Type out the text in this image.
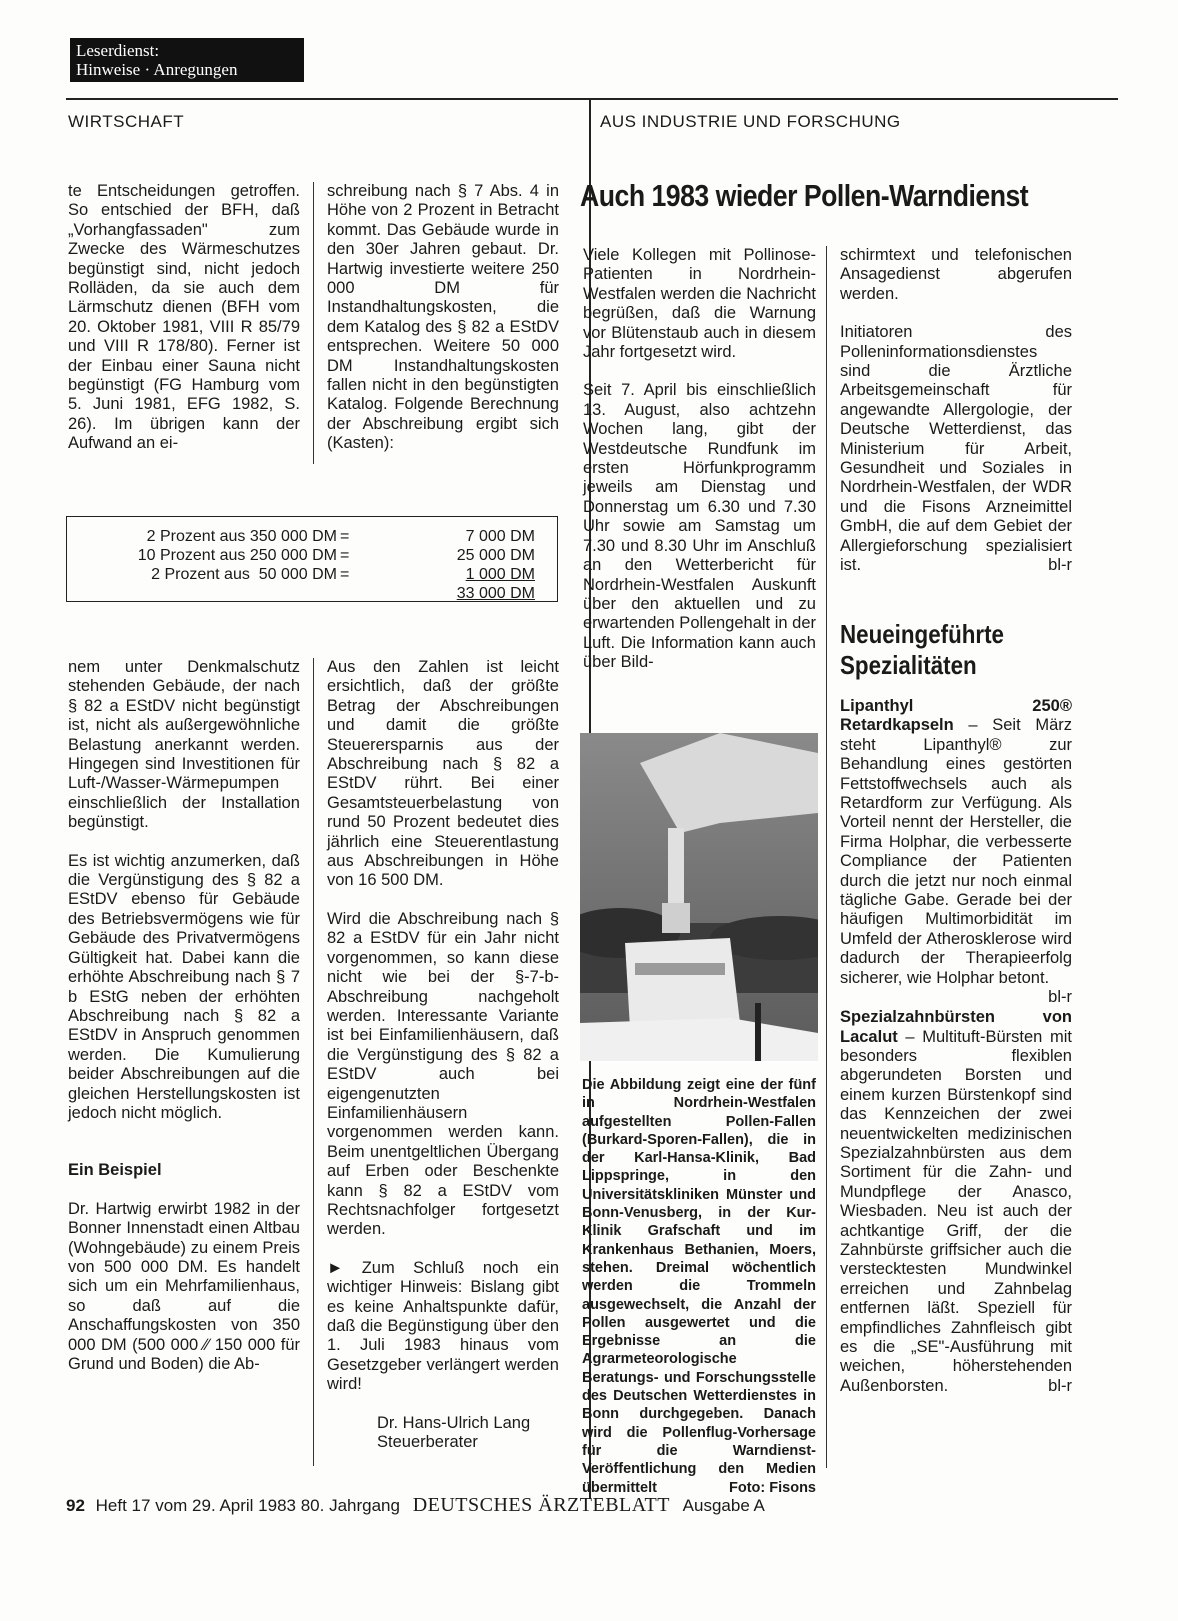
Leserdienst:
Hinweise · Anregungen
WIRTSCHAFT	AUS INDUSTRIE UND FORSCHUNG

te Entscheidungen getroffen. So entschied der BFH, daß „Vorhangfassaden" zum Zwecke des Wärmeschutzes begünstigt sind, nicht jedoch Rolläden, da sie auch dem Lärmschutz dienen (BFH vom 20. Oktober 1981, VIII R 85/79 und VIII R 178/80). Ferner ist der Einbau einer Sauna nicht begünstigt (FG Hamburg vom 5. Juni 1981, EFG 1982, S. 26). Im übrigen kann der Aufwand an ei-

schreibung nach § 7 Abs. 4 in Höhe von 2 Prozent in Betracht kommt. Das Gebäude wurde in den 30er Jahren gebaut. Dr. Hartwig investierte weitere 250 000 DM für Instandhaltungskosten, die dem Katalog des § 82 a EStDV entsprechen. Weitere 50 000 DM Instandhaltungskosten fallen nicht in den begünstigten Katalog. Folgende Berechnung der Abschreibung ergibt sich (Kasten):

2 Prozent aus 350 000 DM =	7 000 DM
10 Prozent aus 250 000 DM =	25 000 DM
2 Prozent aus  50 000 DM =	1 000 DM
33 000 DM

nem unter Denkmalschutz stehenden Gebäude, der nach § 82 a EStDV nicht begünstigt ist, nicht als außergewöhnliche Belastung anerkannt werden. Hingegen sind Investitionen für Luft-/Wasser-Wärmepumpen einschließlich der Installation begünstigt.

Es ist wichtig anzumerken, daß die Vergünstigung des § 82 a EStDV ebenso für Gebäude des Betriebsvermögens wie für Gebäude des Privatvermögens Gültigkeit hat. Dabei kann die erhöhte Abschreibung nach § 7 b EStG neben der erhöhten Abschreibung nach § 82 a EStDV in Anspruch genommen werden. Die Kumulierung beider Abschreibungen auf die gleichen Herstellungskosten ist jedoch nicht möglich.

Ein Beispiel

Dr. Hartwig erwirbt 1982 in der Bonner Innenstadt einen Altbau (Wohngebäude) zu einem Preis von 500 000 DM. Es handelt sich um ein Mehrfamilienhaus, so daß auf die Anschaffungskosten von 350 000 DM (500 000 ∕∕ 150 000 für Grund und Boden) die Ab-

Aus den Zahlen ist leicht ersichtlich, daß der größte Betrag der Abschreibungen und damit die größte Steuerersparnis aus der Abschreibung nach § 82 a EStDV rührt. Bei einer Gesamtsteuerbelastung von rund 50 Prozent bedeutet dies jährlich eine Steuerentlastung aus Abschreibungen in Höhe von 16 500 DM.

Wird die Abschreibung nach § 82 a EStDV für ein Jahr nicht vorgenommen, so kann diese nicht wie bei der §-7-b-Abschreibung nachgeholt werden. Interessante Variante ist bei Einfamilienhäusern, daß die Vergünstigung des § 82 a EStDV auch bei eigengenutzten Einfamilienhäusern vorgenommen werden kann. Beim unentgeltlichen Übergang auf Erben oder Beschenkte kann § 82 a EStDV vom Rechtsnachfolger fortgesetzt werden.

► Zum Schluß noch ein wichtiger Hinweis: Bislang gibt es keine Anhaltspunkte dafür, daß die Begünstigung über den 1. Juli 1983 hinaus vom Gesetzgeber verlängert werden wird!

Dr. Hans-Ulrich Lang
Steuerberater
Auch 1983 wieder Pollen-Warndienst

Viele Kollegen mit Pollinose-Patienten in Nordrhein-Westfalen werden die Nachricht begrüßen, daß die Warnung vor Blütenstaub auch in diesem Jahr fortgesetzt wird.

Seit 7. April bis einschließlich 13. August, also achtzehn Wochen lang, gibt der Westdeutsche Rundfunk im ersten Hörfunkprogramm jeweils am Dienstag und Donnerstag um 6.30 und 7.30 Uhr sowie am Samstag um 7.30 und 8.30 Uhr im Anschluß an den Wetterbericht für Nordrhein-Westfalen Auskunft über den aktuellen und zu erwartenden Pollengehalt in der Luft. Die Information kann auch über Bild-

Die Abbildung zeigt eine der fünf in Nordrhein-Westfalen aufgestellten Pollen-Fallen (Burkard-Sporen-Fallen), die in der Karl-Hansa-Klinik, Bad Lippspringe, in den Universitätskliniken Münster und Bonn-Venusberg, in der Kur-Klinik Grafschaft und im Krankenhaus Bethanien, Moers, stehen. Dreimal wöchentlich werden die Trommeln ausgewechselt, die Anzahl der Pollen ausgewertet und die Ergebnisse an die Agrarmeteorologische Beratungs- und Forschungsstelle des Deutschen Wetterdienstes in Bonn durchgegeben. Danach wird die Pollenflug-Vorhersage für die Warndienst-Veröffentlichung den Medien übermittelt	Foto: Fisons

schirmtext und telefonischen Ansagedienst abgerufen werden.

Initiatoren des Polleninformationsdienstes sind die Ärztliche Arbeitsgemeinschaft für angewandte Allergologie, der Deutsche Wetterdienst, das Ministerium für Arbeit, Gesundheit und Soziales in Nordrhein-Westfalen, der WDR und die Fisons Arzneimittel GmbH, die auf dem Gebiet der Allergieforschung spezialisiert ist.	bl-r

Neueingeführte
Spezialitäten

Lipanthyl 250® Retardkapseln – Seit März steht Lipanthyl® zur Behandlung eines gestörten Fettstoffwechsels auch als Retardform zur Verfügung. Als Vorteil nennt der Hersteller, die Firma Holphar, die verbesserte Compliance der Patienten durch die jetzt nur noch einmal tägliche Gabe. Gerade bei der häufigen Multimorbidität im Umfeld der Atherosklerose wird dadurch der Therapieerfolg sicherer, wie Holphar betont.
bl-r

Spezialzahnbürsten von Lacalut – Multituft-Bürsten mit besonders flexiblen abgerundeten Borsten und einem kurzen Bürstenkopf sind das Kennzeichen der zwei neuentwickelten medizinischen Spezialzahnbürsten aus dem Sortiment für die Zahn- und Mundpflege der Anasco, Wiesbaden. Neu ist auch der achtkantige Griff, der die Zahnbürste griffsicher auch die verstecktesten Mundwinkel erreichen und Zahnbelag entfernen läßt. Speziell für empfindliches Zahnfleisch gibt es die „SE"-Ausführung mit weichen, höherstehenden Außenborsten.	bl-r

92 Heft 17 vom 29. April 1983 80. Jahrgang DEUTSCHES ÄRZTEBLATT Ausgabe A
